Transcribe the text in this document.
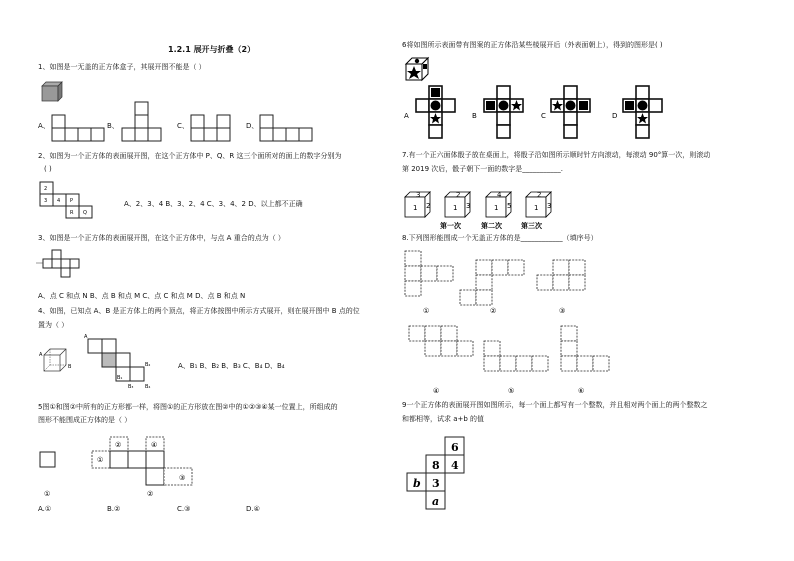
1.2.1 展开与折叠（2）
1、如图是一无盖的正方体盒子，其展开图不能是（ ）
A、	B、	C、	D、
2、如图为一个正方体的表面展开图，在这个正方体中 P、Q、R 这三个面所对的面上的数字分别为
( )
A、2、3、4 B、3、2、4 C、3、4、2 D、以上都不正确
3、如图是一个正方体的表面展开图，在这个正方体中，与点 A 重合的点为（ ）
A、点 C 和点 N B、点 B 和点 M C、点 C 和点 M D、点 B 和点 N
4、如图，已知点 A、B 是正方体上的两个顶点，将正方体按图中所示方式展开，则在展开图中 B 点的位
置为（ ）
A、B₁ B、B₂ B、B₃ C、B₄ D、B₄
5图①和图②中所有的正方形都一样，将图①的正方形放在图②中的①②③④某一位置上，所组成的
图形不能围成正方体的是（ ）
A.①	B.②	C.③	D.④
6将如图所示表面带有图案的正方体沿某些棱展开后（外表面朝上），得到的图形是( )
7.有一个正六面体骰子放在桌面上，将骰子沿如图所示顺时针方向滚动，每滚动 90°算一次，则滚动
第 2019 次后，骰子朝下一面的数字是___________.
8.下列图形能围成一个无盖正方体的是____________（填序号）
9一个正方体的表面展开图如图所示，每一个面上都写有一个整数，并且相对两个面上的两个整数之
和都相等，试求 a+b 的值
2
3 4 P
R Q
A
B
A
B₁
B₂
B₃ B₄
①
②	④
①
③
②
A	B	C	D
3
1 2
2
1 3
4
1 5
2
1 3
第一次	第二次	第三次
①	②	③
④	⑤	⑥
6
8 4
b 3
a
